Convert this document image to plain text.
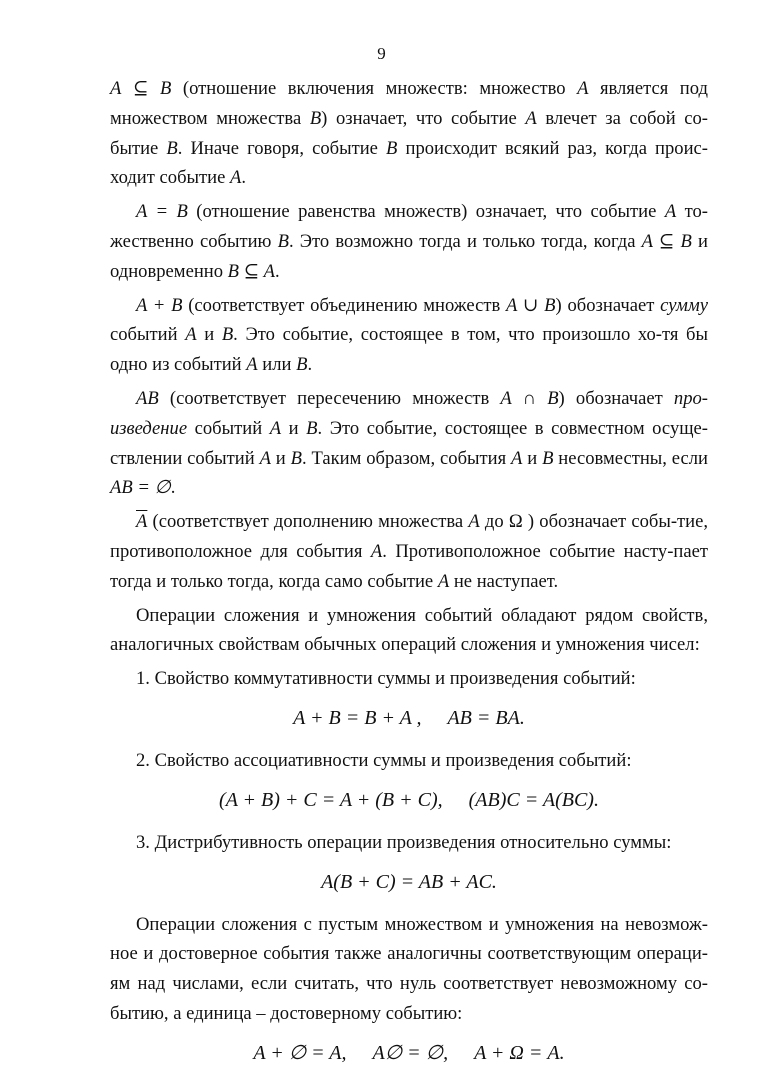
9

A ⊆ B (отношение включения множеств: множество A является под множеством множества B) означает, что событие A влечет за собой со-бытие B. Иначе говоря, событие B происходит всякий раз, когда проис-ходит событие A.

A = B (отношение равенства множеств) означает, что событие A то-жественно событию B. Это возможно тогда и только тогда, когда A ⊆ B и одновременно B ⊆ A.

A + B (соответствует объединению множеств A ∪ B) обозначает сумму событий A и B. Это событие, состоящее в том, что произошло хо-тя бы одно из событий A или B.

AB (соответствует пересечению множеств A ∩ B) обозначает про-изведение событий A и B. Это событие, состоящее в совместном осуще-ствлении событий A и B. Таким образом, события A и B несовместны, если AB = ∅.

$\overline{A}$ (соответствует дополнению множества A до Ω ) обозначает собы-тие, противоположное для события A. Противоположное событие насту-пает тогда и только тогда, когда само событие A не наступает.

Операции сложения и умножения событий обладают рядом свойств, аналогичных свойствам обычных операций сложения и умножения чисел:

1. Свойство коммутативности суммы и произведения событий:

A + B = B + A , AB = BA.

2. Свойство ассоциативности суммы и произведения событий:

(A + B) + C = A + (B + C), (AB)C = A(BC).

3. Дистрибутивность операции произведения относительно суммы:

A(B + C) = AB + AC.

Операции сложения с пустым множеством и умножения на невозмож-ное и достоверное события также аналогичны соответствующим операци-ям над числами, если считать, что нуль соответствует невозможному со-бытию, а единица – достоверному событию:

A + ∅ = A, A∅ = ∅, A + Ω = A.
